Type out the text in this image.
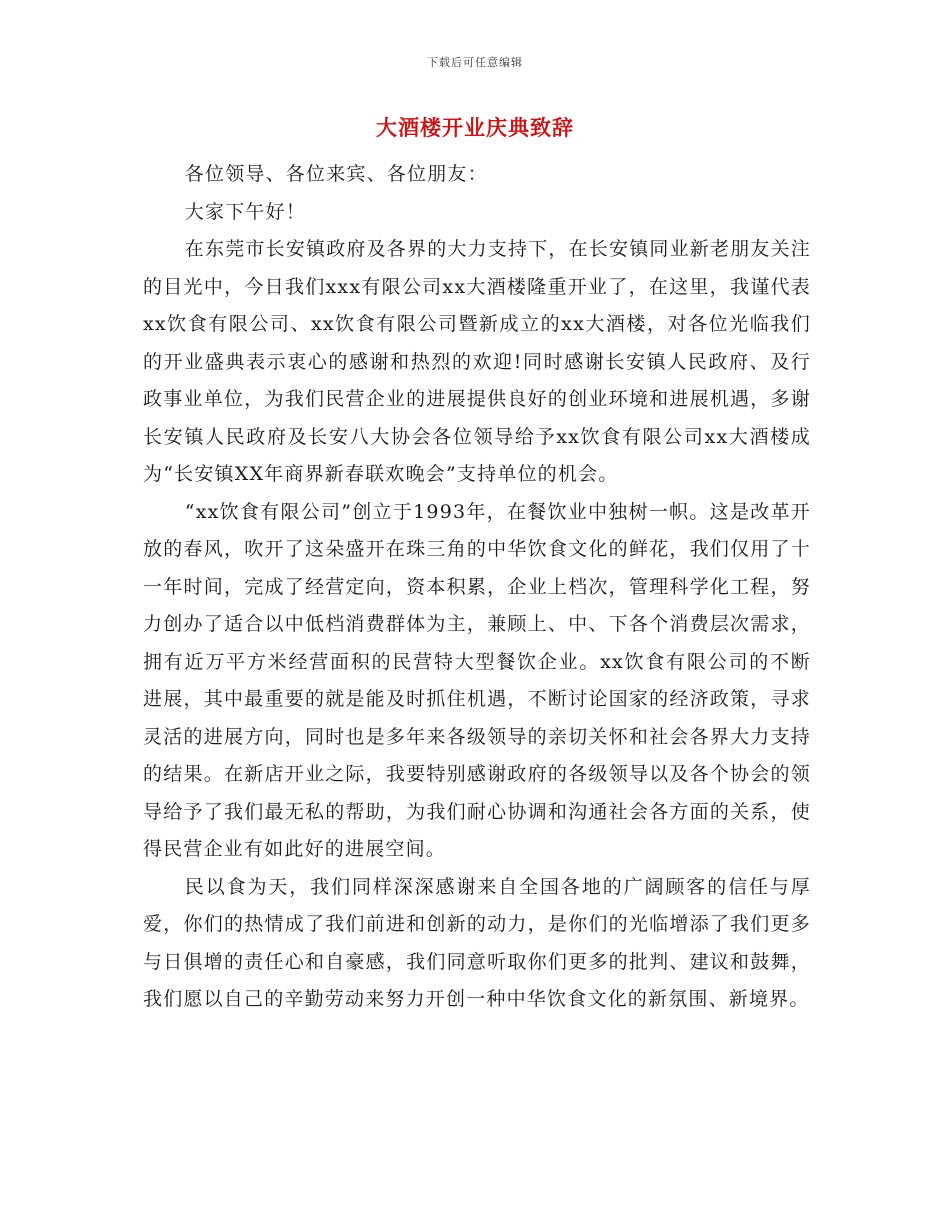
下载后可任意编辑
大酒楼开业庆典致辞

各位领导、各位来宾、各位朋友：

大家下午好！

在东莞市长安镇政府及各界的大力支持下，在长安镇同业新老朋友关注的目光中，今日我们xxx有限公司xx大酒楼隆重开业了，在这里，我谨代表xx饮食有限公司、xx饮食有限公司暨新成立的xx大酒楼，对各位光临我们的开业盛典表示衷心的感谢和热烈的欢迎!同时感谢长安镇人民政府、及行政事业单位，为我们民营企业的进展提供良好的创业环境和进展机遇，多谢长安镇人民政府及长安八大协会各位领导给予xx饮食有限公司xx大酒楼成为“长安镇XX年商界新春联欢晚会”支持单位的机会。

“xx饮食有限公司”创立于1993年，在餐饮业中独树一帜。这是改革开放的春风，吹开了这朵盛开在珠三角的中华饮食文化的鲜花，我们仅用了十一年时间，完成了经营定向，资本积累，企业上档次，管理科学化工程，努力创办了适合以中低档消费群体为主，兼顾上、中、下各个消费层次需求，拥有近万平方米经营面积的民营特大型餐饮企业。xx饮食有限公司的不断进展，其中最重要的就是能及时抓住机遇，不断讨论国家的经济政策，寻求灵活的进展方向，同时也是多年来各级领导的亲切关怀和社会各界大力支持的结果。在新店开业之际，我要特别感谢政府的各级领导以及各个协会的领导给予了我们最无私的帮助，为我们耐心协调和沟通社会各方面的关系，使得民营企业有如此好的进展空间。

民以食为天，我们同样深深感谢来自全国各地的广阔顾客的信任与厚爱，你们的热情成了我们前进和创新的动力，是你们的光临增添了我们更多与日俱增的责任心和自豪感，我们同意听取你们更多的批判、建议和鼓舞，我们愿以自己的辛勤劳动来努力开创一种中华饮食文化的新氛围、新境界。
